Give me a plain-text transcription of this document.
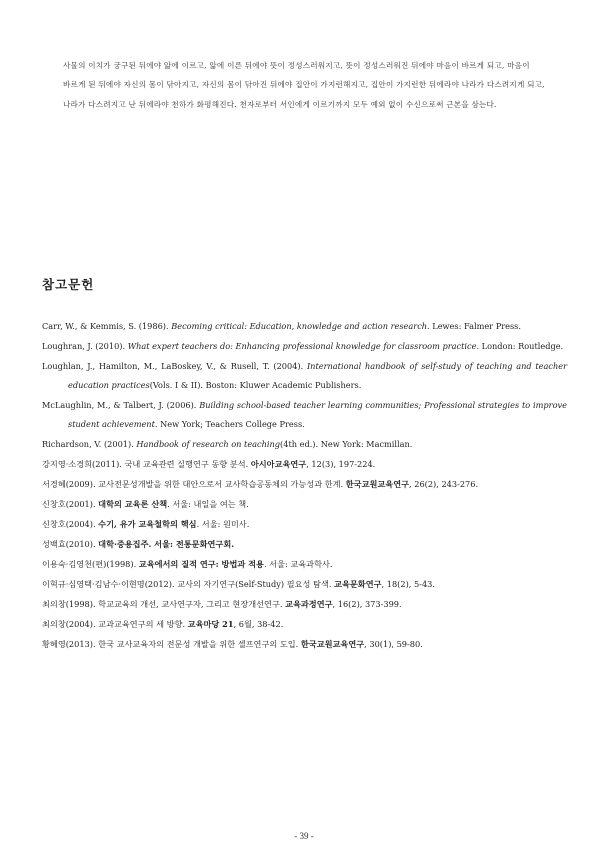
사물의 이치가 궁구된 뒤에야 앎에 이르고, 앎에 이른 뒤에야 뜻이 정성스러워지고, 뜻이 정성스러워진 뒤에야 마음이 바르게 되고, 마음이 바르게 된 뒤에야 자신의 몸이 닦아지고, 자신의 몸이 닦아진 뒤에야 집안이 가지런해지고, 집안이 가지런한 뒤에라야 나라가 다스려지게 되고, 나라가 다스려지고 난 뒤에라야 천하가 화평해진다. 천자로부터 서인에게 이르기까지 모두 예외 없이 수신으로써 근본을 삼는다.

참고문헌
Carr, W., & Kemmis, S. (1986). Becoming critical: Education, knowledge and action research. Lewes: Falmer Press.
Loughran, J. (2010). What expert teachers do: Enhancing professional knowledge for classroom practice. London: Routledge.
Loughlan, J., Hamilton, M., LaBoskey, V., & Rusell, T. (2004). International handbook of self-study of teaching and teacher education practices(Vols. I & II). Boston: Kluwer Academic Publishers.
McLaughlin, M., & Talbert, J. (2006). Building school-based teacher learning communities; Professional strategies to improve student achievement. New York; Teachers College Press.
Richardson, V. (2001). Handbook of research on teaching(4th ed.). New York: Macmillan.
강지영·소경희(2011). 국내 교육관련 실행연구 동향 분석. 아시아교육연구, 12(3), 197-224.
서경혜(2009). 교사전문성개발을 위한 대안으로서 교사학습공동체의 가능성과 한계. 한국교원교육연구, 26(2), 243-276.
신창호(2001). 대학의 교육론 산책. 서울: 내일을 여는 책.
신창호(2004). 수기, 유가 교육철학의 핵심. 서울: 원미사.
성백효(2010). 대학·중용집주. 서울: 전통문화연구회.
이용숙·김영천(편)(1998). 교육에서의 질적 연구: 방법과 적용. 서울: 교육과학사.
이혁규·심영택·김남수·이현명(2012). 교사의 자기연구(Self-Study) 필요성 탐색. 교육문화연구, 18(2), 5-43.
최의창(1998). 학교교육의 개선, 교사연구자, 그리고 현장개선연구. 교육과정연구, 16(2), 373-399.
최의창(2004). 교과교육연구의 세 방향. 교육마당 21, 6월, 38-42.
황혜영(2013). 한국 교사교육자의 전문성 개발을 위한 셀프연구의 도입. 한국교원교육연구, 30(1), 59-80.
- 39 -
